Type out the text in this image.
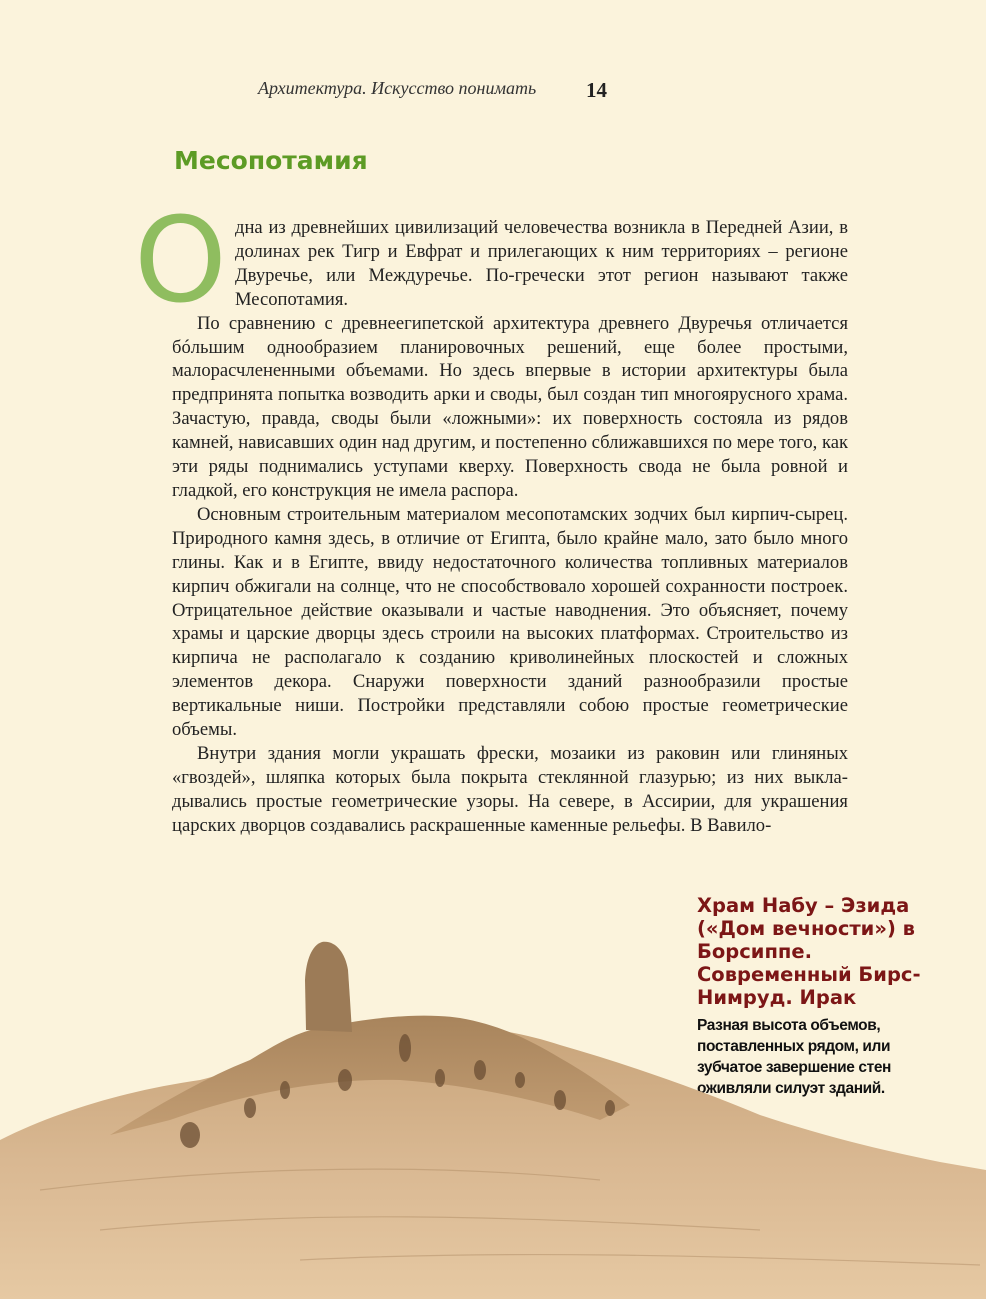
Архитектура. Искусство понимать 14
Месопотамия

Одна из древнейших цивилизаций человечества возникла в Передней Азии, в долинах рек Тигр и Евфрат и прилегающих к ним территориях – регионе Двуречье, или Междуречье. По-гречески этот регион называют также Месопотамия.

По сравнению с древнеегипетской архитектура древнего Двуречья отличается бóльшим однообразием планировочных решений, еще более простыми, малорасчлененными объемами. Но здесь впервые в истории архитектуры была предпринята попытка возводить арки и своды, был создан тип многоярусного храма. Зачастую, правда, своды были «ложными»: их поверхность состояла из рядов камней, нависавших один над другим, и постепенно сближавшихся по мере того, как эти ряды поднимались уступами кверху. Поверхность свода не была ровной и гладкой, его конструкция не имела распора.

Основным строительным материалом месопотамских зодчих был кирпич-сырец. Природного камня здесь, в отличие от Египта, было крайне мало, зато было много глины. Как и в Египте, ввиду недостаточного количества топливных материалов кирпич обжигали на солнце, что не способствовало хорошей сохранности построек. Отрицательное действие оказывали и частые наводнения. Это объясняет, почему храмы и царские дворцы здесь строили на высоких платформах. Строительство из кирпича не располагало к созданию криволинейных плоскостей и сложных элементов декора. Снаружи поверхности зданий разнообразили простые вертикальные ниши. Постройки представляли собою простые геометрические объемы.

Внутри здания могли украшать фрески, мозаики из раковин или глиняных «гвоздей», шляпка которых была покрыта стеклянной глазурью; из них выкладывались простые геометрические узоры. На севере, в Ассирии, для украшения царских дворцов создавались раскрашенные каменные рельефы. В Вавило-

Храм Набу – Эзида («Дом вечности») в Борсиппе. Современный Бирс-Нимруд. Ирак
Разная высота объемов, поставленных рядом, или зубчатое завершение стен оживляли силуэт зданий.
